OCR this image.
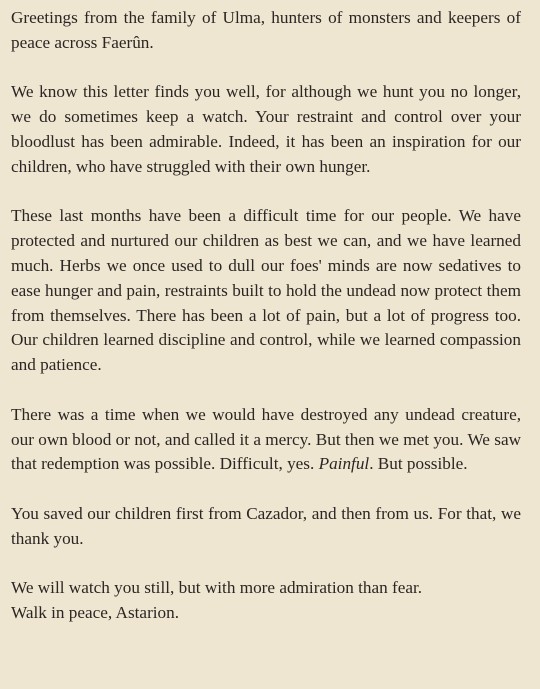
Greetings from the family of Ulma, hunters of monsters and keepers of peace across Faerûn.

We know this letter finds you well, for although we hunt you no longer, we do sometimes keep a watch. Your restraint and control over your bloodlust has been admirable. Indeed, it has been an inspiration for our children, who have struggled with their own hunger.

These last months have been a difficult time for our people. We have protected and nurtured our children as best we can, and we have learned much. Herbs we once used to dull our foes' minds are now sedatives to ease hunger and pain, restraints built to hold the undead now protect them from themselves. There has been a lot of pain, but a lot of progress too. Our children learned discipline and control, while we learned compassion and patience.

There was a time when we would have destroyed any undead creature, our own blood or not, and called it a mercy. But then we met you. We saw that redemption was possible. Difficult, yes. Painful. But possible.

You saved our children first from Cazador, and then from us. For that, we thank you.

We will watch you still, but with more admiration than fear.
Walk in peace, Astarion.
